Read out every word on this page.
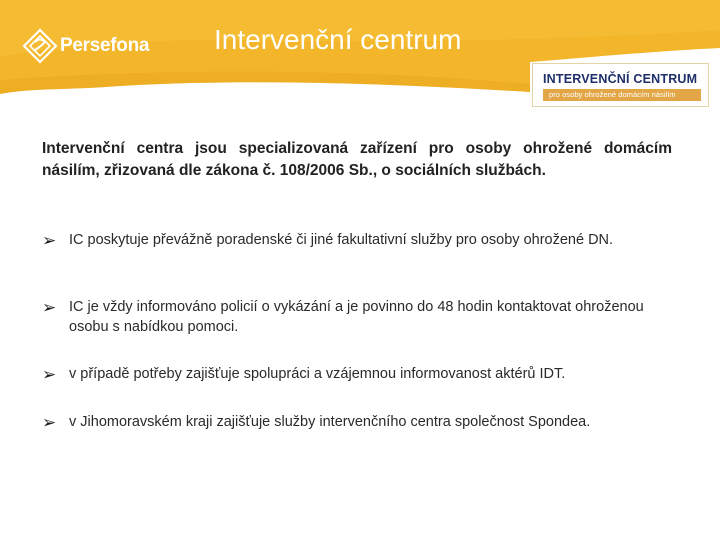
Persefona Intervenční centrum
INTERVENČNÍ CENTRUM
pro osoby ohrožené domácím násilím

Intervenční centra jsou specializovaná zařízení pro osoby ohrožené domácím násilím, zřizovaná dle zákona č. 108/2006 Sb., o sociálních službách.

➢ IC poskytuje převážně poradenské či jiné fakultativní služby pro osoby ohrožené DN.
➢ IC je vždy informováno policií o vykázání a je povinno do 48 hodin kontaktovat ohroženou osobu s nabídkou pomoci.
➢ v případě potřeby zajišťuje spolupráci a vzájemnou informovanost aktérů IDT.
➢ v Jihomoravském kraji zajišťuje služby intervenčního centra společnost Spondea.
